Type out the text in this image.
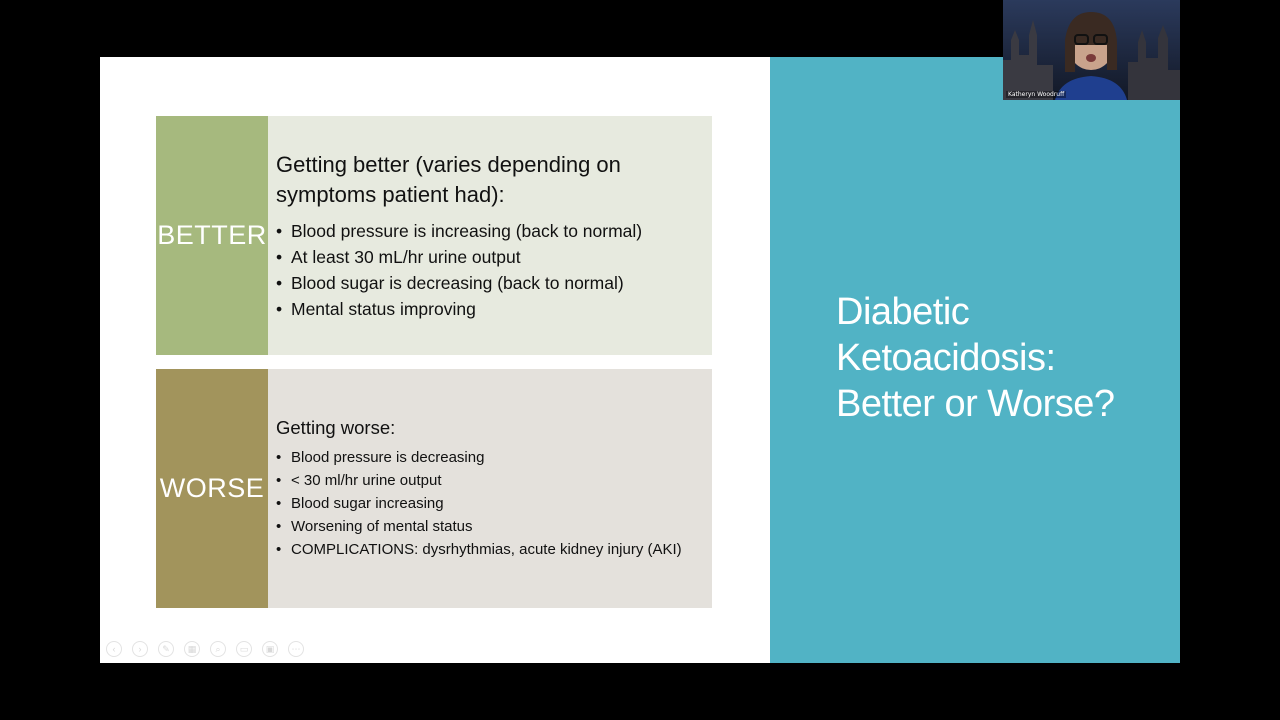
BETTER
Getting better (varies depending on symptoms patient had):
• Blood pressure is increasing (back to normal)
• At least 30 mL/hr urine output
• Blood sugar is decreasing (back to normal)
• Mental status improving
WORSE
Getting worse:
• Blood pressure is decreasing
• < 30 ml/hr urine output
• Blood sugar increasing
• Worsening of mental status
• COMPLICATIONS: dysrhythmias, acute kidney injury (AKI)
Diabetic
Ketoacidosis:
Better or Worse?
‹	›	✎	▦	⌕	▭	▣	⋯
Katheryn Woodruff
